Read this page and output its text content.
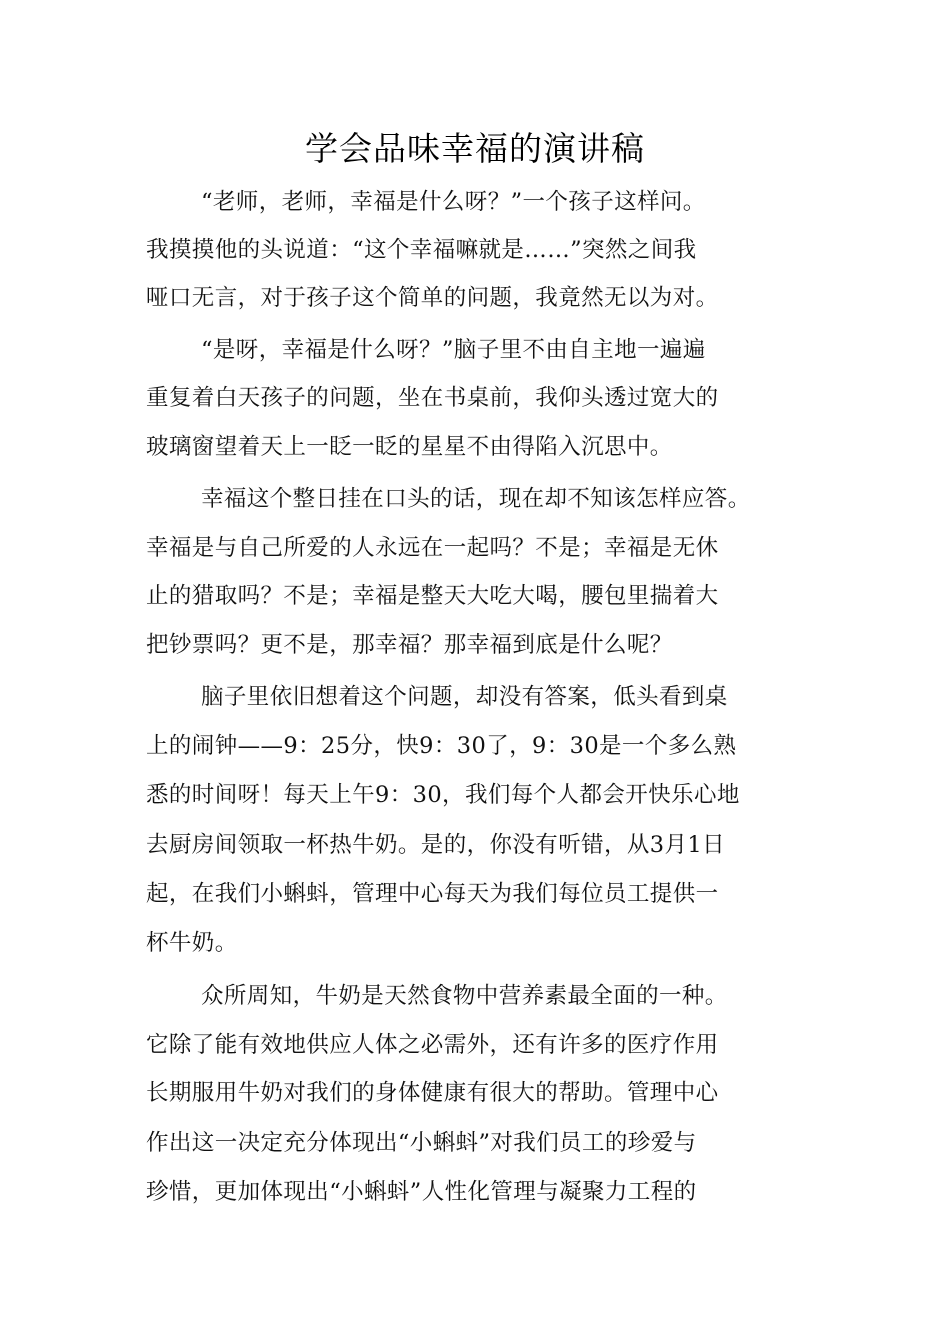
学会品味幸福的演讲稿
“老师，老师，幸福是什么呀？”一个孩子这样问。
我摸摸他的头说道：“这个幸福嘛就是……”突然之间我
哑口无言，对于孩子这个简单的问题，我竟然无以为对。
“是呀，幸福是什么呀？”脑子里不由自主地一遍遍
重复着白天孩子的问题，坐在书桌前，我仰头透过宽大的
玻璃窗望着天上一眨一眨的星星不由得陷入沉思中。
幸福这个整日挂在口头的话，现在却不知该怎样应答。
幸福是与自己所爱的人永远在一起吗？不是；幸福是无休
止的猎取吗？不是；幸福是整天大吃大喝，腰包里揣着大
把钞票吗？更不是，那幸福？那幸福到底是什么呢？
脑子里依旧想着这个问题，却没有答案，低头看到桌
上的闹钟——9：25分，快9：30了，9：30是一个多么熟
悉的时间呀！每天上午9：30，我们每个人都会开快乐心地
去厨房间领取一杯热牛奶。是的，你没有听错，从3月1日
起，在我们小蝌蚪，管理中心每天为我们每位员工提供一
杯牛奶。
众所周知，牛奶是天然食物中营养素最全面的一种。
它除了能有效地供应人体之必需外，还有许多的医疗作用
长期服用牛奶对我们的身体健康有很大的帮助。管理中心
作出这一决定充分体现出“小蝌蚪”对我们员工的珍爱与
珍惜，更加体现出“小蝌蚪”人性化管理与凝聚力工程的
